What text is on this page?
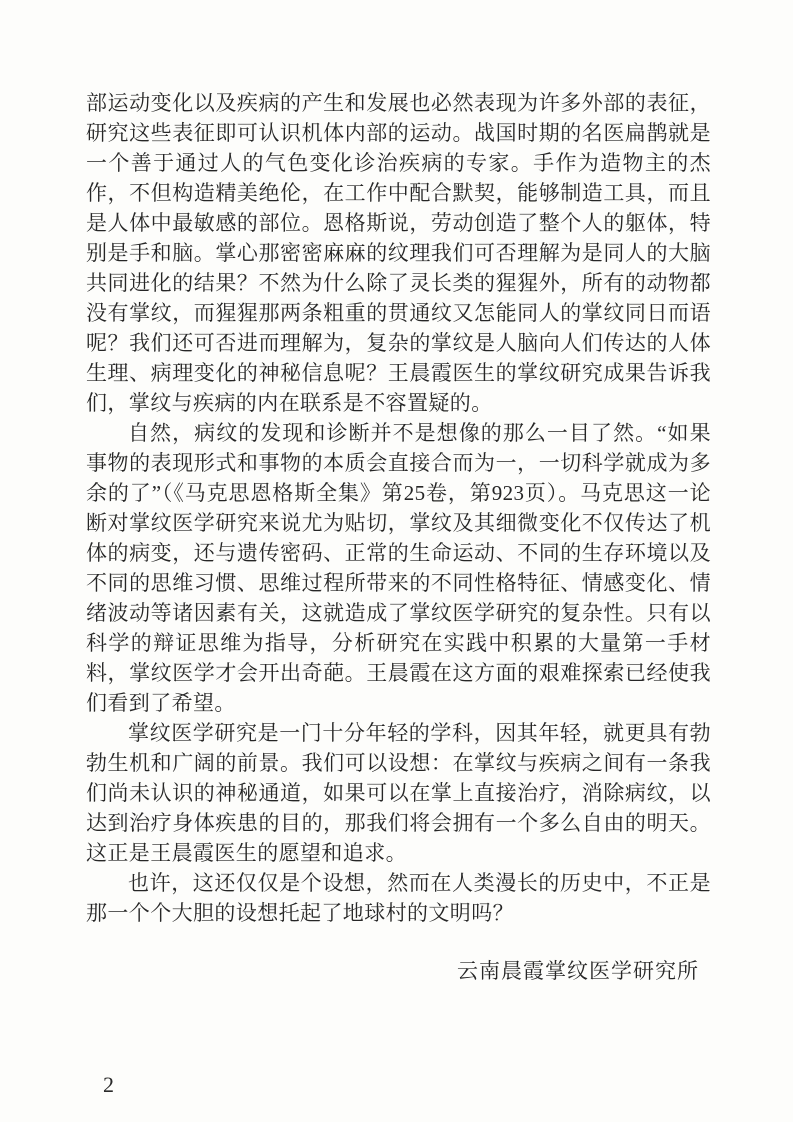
部运动变化以及疾病的产生和发展也必然表现为许多外部的表征，研究这些表征即可认识机体内部的运动。战国时期的名医扁鹊就是一个善于通过人的气色变化诊治疾病的专家。手作为造物主的杰作，不但构造精美绝伦，在工作中配合默契，能够制造工具，而且是人体中最敏感的部位。恩格斯说，劳动创造了整个人的躯体，特别是手和脑。掌心那密密麻麻的纹理我们可否理解为是同人的大脑共同进化的结果？不然为什么除了灵长类的猩猩外，所有的动物都没有掌纹，而猩猩那两条粗重的贯通纹又怎能同人的掌纹同日而语呢？我们还可否进而理解为，复杂的掌纹是人脑向人们传达的人体生理、病理变化的神秘信息呢？王晨霞医生的掌纹研究成果告诉我们，掌纹与疾病的内在联系是不容置疑的。

自然，病纹的发现和诊断并不是想像的那么一目了然。“如果事物的表现形式和事物的本质会直接合而为一，一切科学就成为多余的了”（《马克思恩格斯全集》第25卷，第923页）。马克思这一论断对掌纹医学研究来说尤为贴切，掌纹及其细微变化不仅传达了机体的病变，还与遗传密码、正常的生命运动、不同的生存环境以及不同的思维习惯、思维过程所带来的不同性格特征、情感变化、情绪波动等诸因素有关，这就造成了掌纹医学研究的复杂性。只有以科学的辩证思维为指导，分析研究在实践中积累的大量第一手材料，掌纹医学才会开出奇葩。王晨霞在这方面的艰难探索已经使我们看到了希望。

掌纹医学研究是一门十分年轻的学科，因其年轻，就更具有勃勃生机和广阔的前景。我们可以设想：在掌纹与疾病之间有一条我们尚未认识的神秘通道，如果可以在掌上直接治疗，消除病纹，以达到治疗身体疾患的目的，那我们将会拥有一个多么自由的明天。这正是王晨霞医生的愿望和追求。

也许，这还仅仅是个设想，然而在人类漫长的历史中，不正是那一个个大胆的设想托起了地球村的文明吗？

云南晨霞掌纹医学研究所

2
